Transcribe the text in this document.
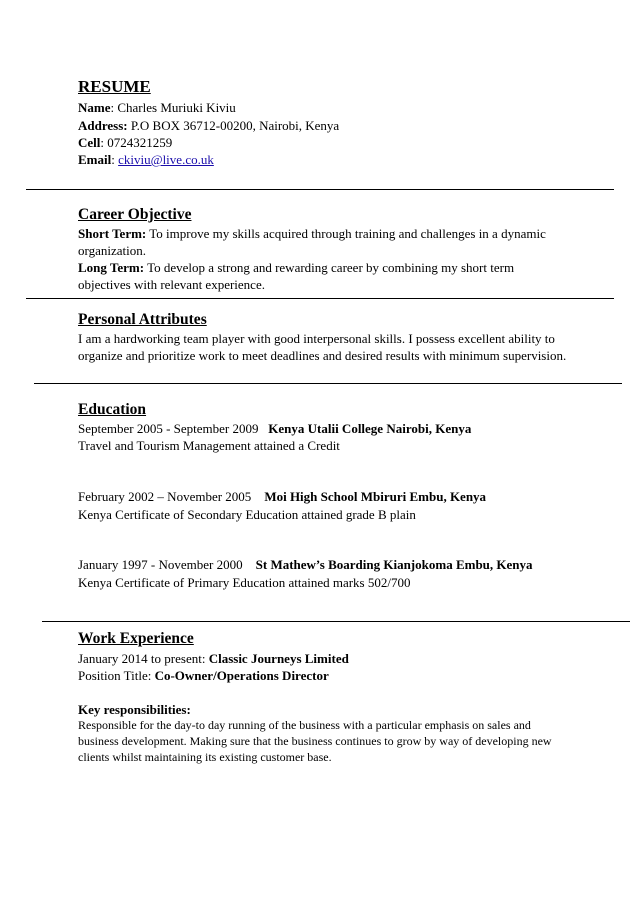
RESUME
Name: Charles Muriuki Kiviu
Address: P.O BOX 36712-00200, Nairobi, Kenya
Cell: 0724321259
Email: ckiviu@live.co.uk
Career Objective
Short Term: To improve my skills acquired through training and challenges in a dynamic
organization.
Long Term: To develop a strong and rewarding career by combining my short term
objectives with relevant experience.
Personal Attributes
I am a hardworking team player with good interpersonal skills. I possess excellent ability to
organize and prioritize work to meet deadlines and desired results with minimum supervision.
Education
September 2005 - September 2009 Kenya Utalii College Nairobi, Kenya
Travel and Tourism Management attained a Credit
February 2002 – November 2005 Moi High School Mbiruri Embu, Kenya
Kenya Certificate of Secondary Education attained grade B plain
January 1997 - November 2000 St Mathew’s Boarding Kianjokoma Embu, Kenya
Kenya Certificate of Primary Education attained marks 502/700
Work Experience
January 2014 to present: Classic Journeys Limited
Position Title: Co-Owner/Operations Director
Key responsibilities:
Responsible for the day-to day running of the business with a particular emphasis on sales and
business development. Making sure that the business continues to grow by way of developing new
clients whilst maintaining its existing customer base.
